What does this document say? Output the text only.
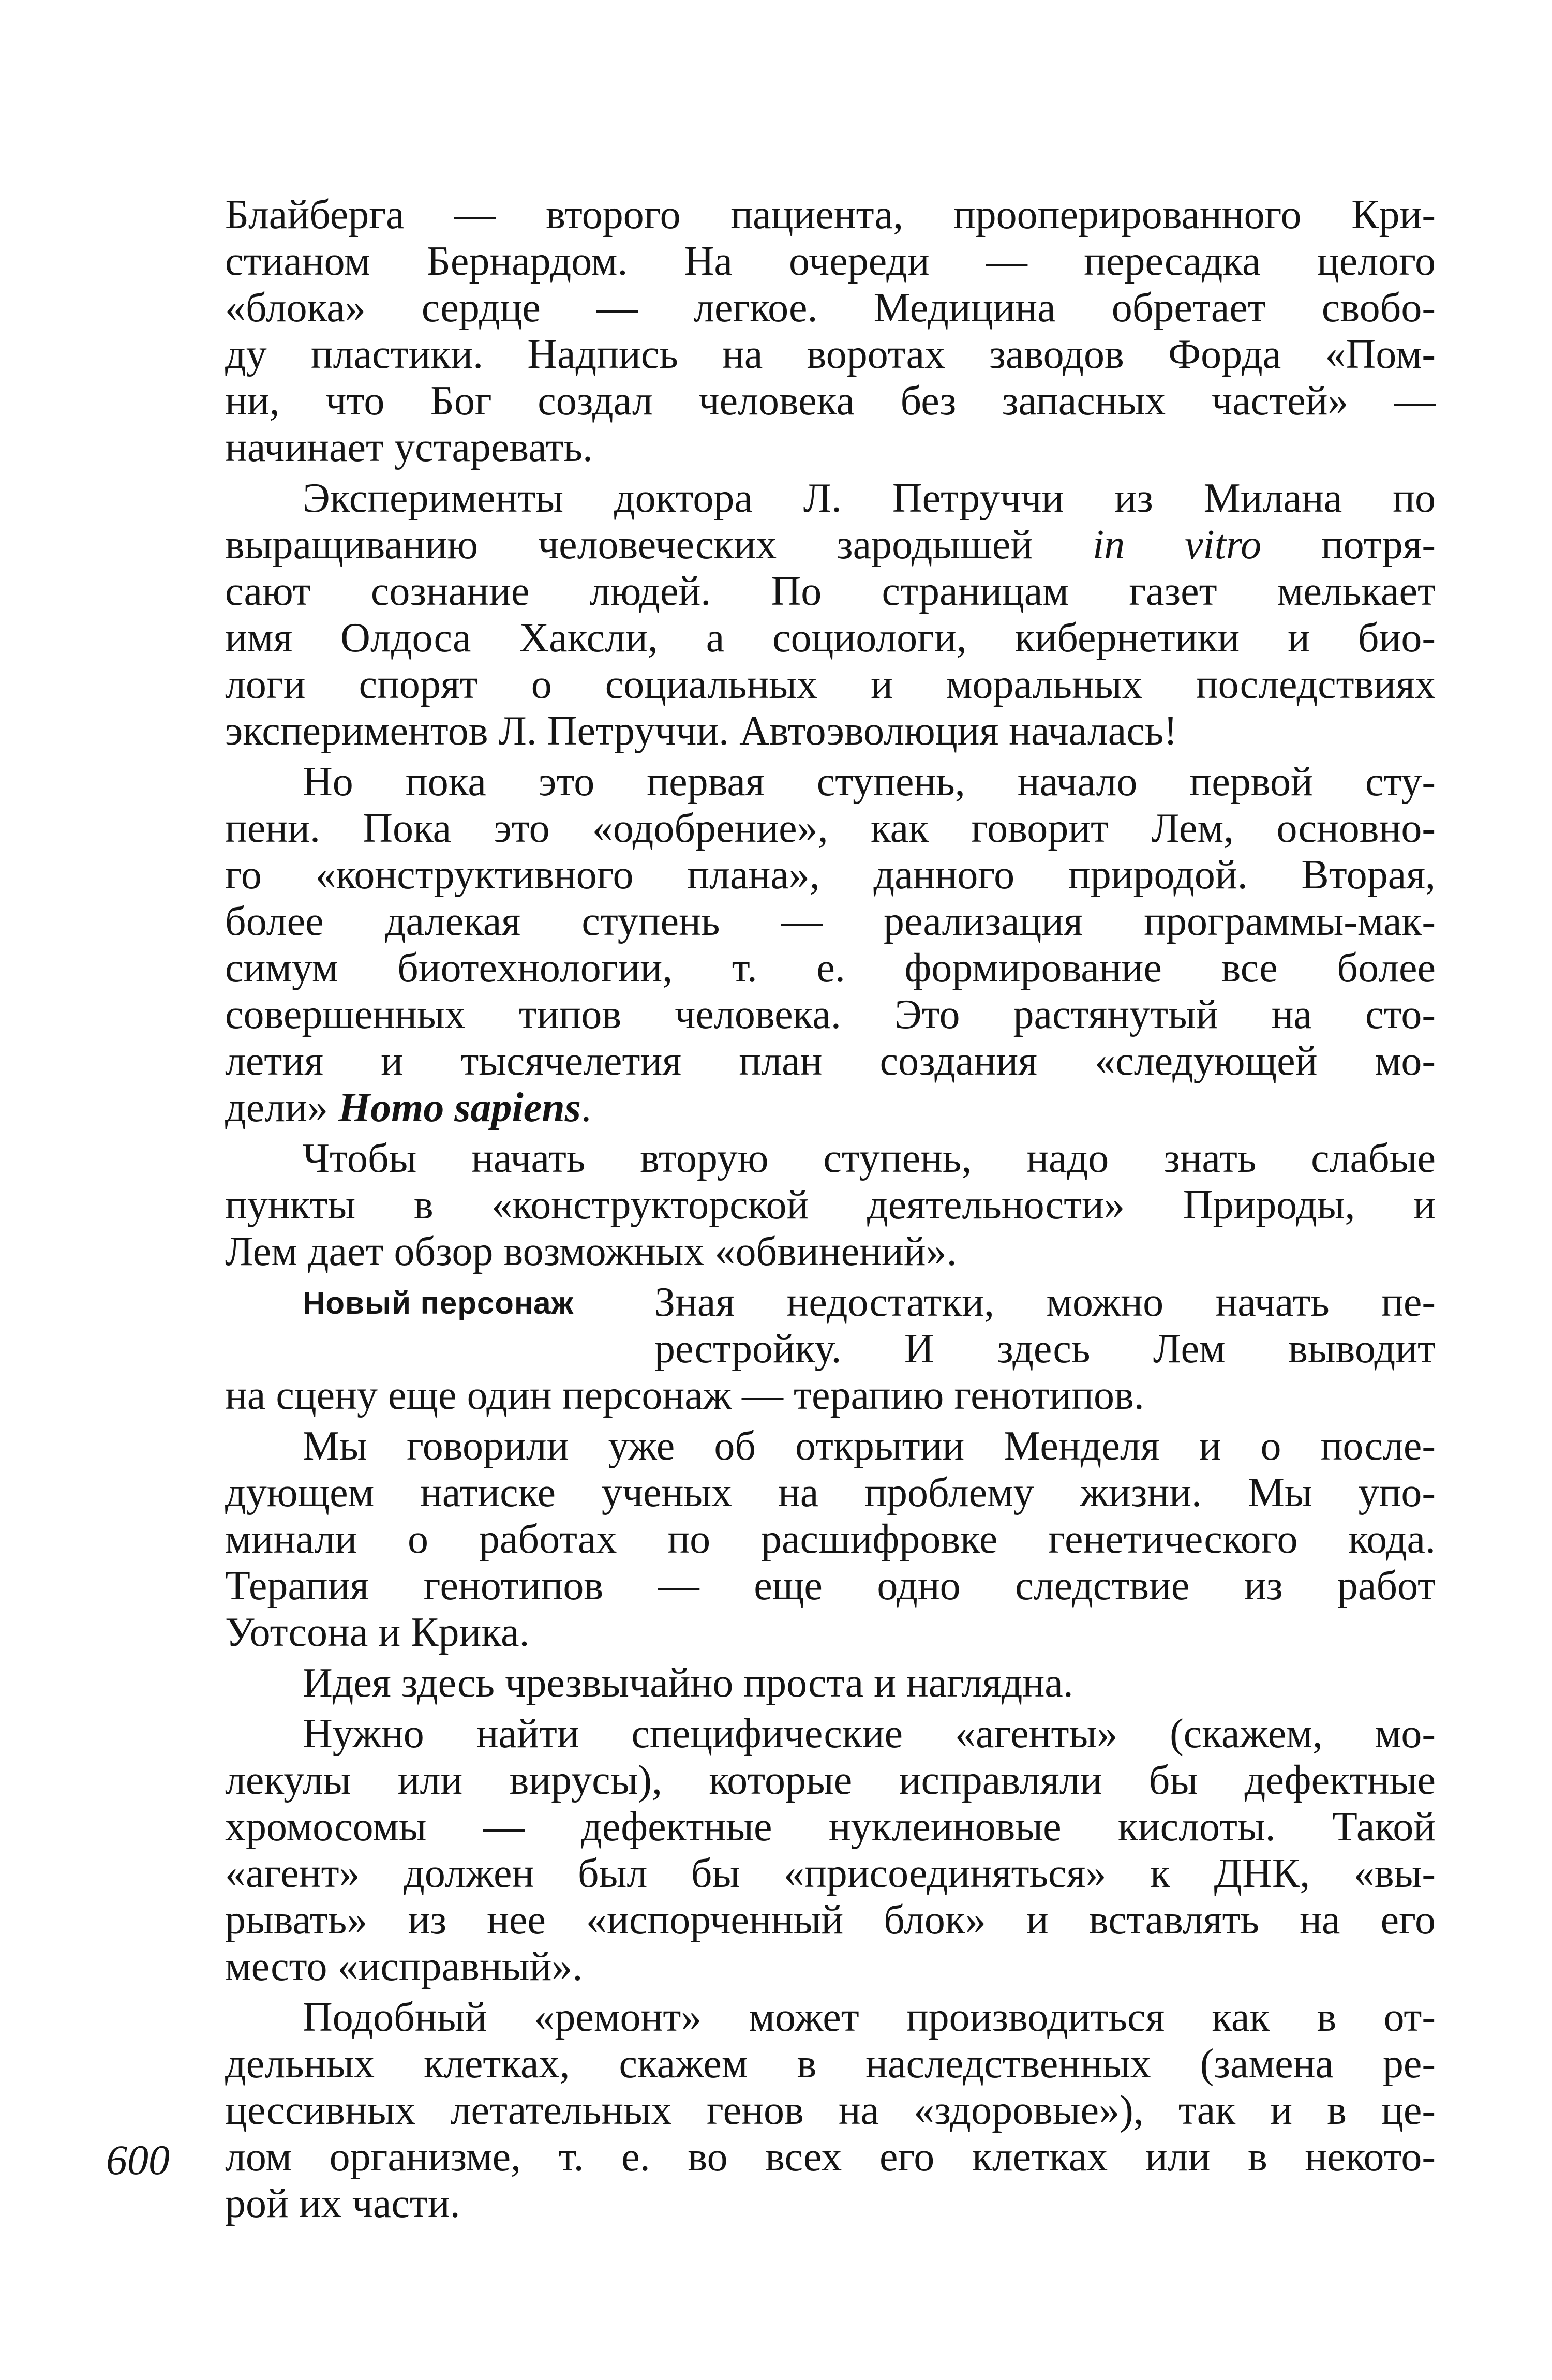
Блайберга — второго пациента, прооперированного Кри-
стианом Бернардом. На очереди — пересадка целого
«блока» сердце — легкое. Медицина обретает свобо-
ду пластики. Надпись на воротах заводов Форда «Пом-
ни, что Бог создал человека без запасных частей» —
начинает устаревать.
Эксперименты доктора Л. Петруччи из Милана по
выращиванию человеческих зародышей in vitro потря-
сают сознание людей. По страницам газет мелькает
имя Олдоса Хаксли, а социологи, кибернетики и био-
логи спорят о социальных и моральных последствиях
экспериментов Л. Петруччи. Автоэволюция началась!
Но пока это первая ступень, начало первой сту-
пени. Пока это «одобрение», как говорит Лем, основно-
го «конструктивного плана», данного природой. Вторая,
более далекая ступень — реализация программы-мак-
симум биотехнологии, т. е. формирование все более
совершенных типов человека. Это растянутый на сто-
летия и тысячелетия план создания «следующей мо-
дели» Homo sapiens.
Чтобы начать вторую ступень, надо знать слабые
пункты в «конструкторской деятельности» Природы, и
Лем дает обзор возможных «обвинений».
Новый персонаж Зная недостатки, можно начать пе-
рестройку. И здесь Лем выводит
на сцену еще один персонаж — терапию генотипов.
Мы говорили уже об открытии Менделя и о после-
дующем натиске ученых на проблему жизни. Мы упо-
минали о работах по расшифровке генетического кода.
Терапия генотипов — еще одно следствие из работ
Уотсона и Крика.
Идея здесь чрезвычайно проста и наглядна.
Нужно найти специфические «агенты» (скажем, мо-
лекулы или вирусы), которые исправляли бы дефектные
хромосомы — дефектные нуклеиновые кислоты. Такой
«агент» должен был бы «присоединяться» к ДНК, «вы-
рывать» из нее «испорченный блок» и вставлять на его
место «исправный».
Подобный «ремонт» может производиться как в от-
дельных клетках, скажем в наследственных (замена ре-
цессивных летательных генов на «здоровые»), так и в це-
лом организме, т. е. во всех его клетках или в некото-
рой их части.
600
